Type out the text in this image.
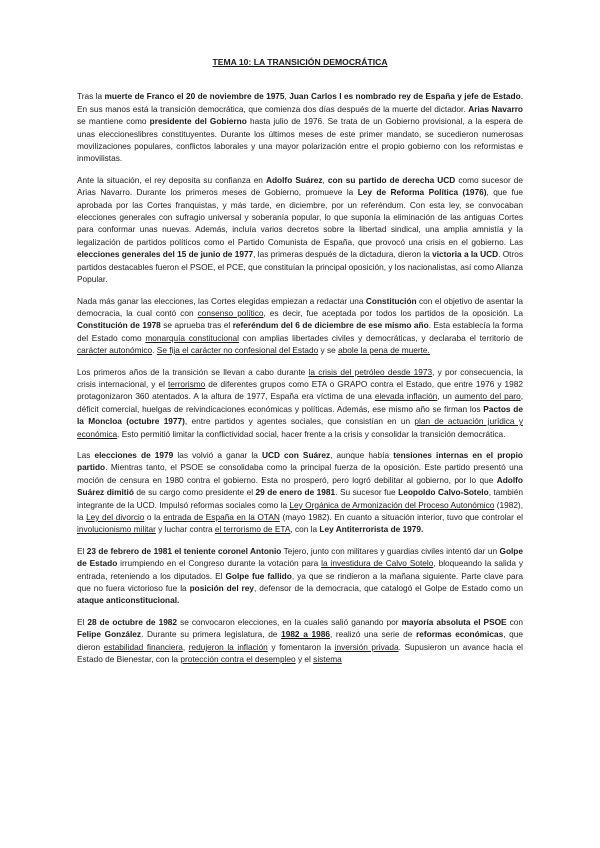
TEMA 10: LA TRANSICIÓN DEMOCRÁTICA

Tras la muerte de Franco el 20 de noviembre de 1975, Juan Carlos I es nombrado rey de España y jefe de Estado. En sus manos está la transición democrática, que comienza dos días después de la muerte del dictador. Arias Navarro se mantiene como presidente del Gobierno hasta julio de 1976. Se trata de un Gobierno provisional, a la espera de unas eleccioneslibres constituyentes. Durante los últimos meses de este primer mandato, se sucedieron numerosas movilizaciones populares, conflictos laborales y una mayor polarización entre el propio gobierno con los reformistas e inmovilistas.

Ante la situación, el rey deposita su confianza en Adolfo Suárez, con su partido de derecha UCD como sucesor de Arias Navarro. Durante los primeros meses de Gobierno, promueve la Ley de Reforma Política (1976), que fue aprobada por las Cortes franquistas, y más tarde, en diciembre, por un referéndum. Con esta ley, se convocaban elecciones generales con sufragio universal y soberanía popular, lo que suponía la eliminación de las antiguas Cortes para conformar unas nuevas. Además, incluía varios decretos sobre la libertad sindical, una amplia amnistía y la legalización de partidos políticos como el Partido Comunista de España, que provocó una crisis en el gobierno. Las elecciones generales del 15 de junio de 1977, las primeras después de la dictadura, dieron la victoria a la UCD. Otros partidos destacables fueron el PSOE, el PCE, que constituían la principal oposición, y los nacionalistas, así como Alianza Popular.

Nada más ganar las elecciones, las Cortes elegidas empiezan a redactar una Constitución con el objetivo de asentar la democracia, la cual contó con consenso político, es decir, fue aceptada por todos los partidos de la oposición. La Constitución de 1978 se aprueba tras el referéndum del 6 de diciembre de ese mismo año. Esta establecía la forma del Estado como monarquía constitucional con amplias libertades civiles y democráticas, y declaraba el territorio de carácter autonómico. Se fija el carácter no confesional del Estado y se abole la pena de muerte.

Los primeros años de la transición se llevan a cabo durante la crisis del petróleo desde 1973, y por consecuencia, la crisis internacional, y el terrorismo de diferentes grupos como ETA o GRAPO contra el Estado, que entre 1976 y 1982 protagonizaron 360 atentados. A la altura de 1977, España era víctima de una elevada inflación, un aumento del paro, déficit comercial, huelgas de reivindicaciones económicas y políticas. Además, ese mismo año se firman los Pactos de la Moncloa (octubre 1977), entre partidos y agentes sociales, que consistían en un plan de actuación jurídica y económica. Esto permitió limitar la conflictividad social, hacer frente a la crisis y consolidar la transición democrática.

Las elecciones de 1979 las volvió a ganar la UCD con Suárez, aunque había tensiones internas en el propio partido. Mientras tanto, el PSOE se consolidaba como la principal fuerza de la oposición. Este partido presentó una moción de censura en 1980 contra el gobierno. Esta no prosperó, pero logró debilitar al gobierno, por lo que Adolfo Suárez dimitió de su cargo como presidente el 29 de enero de 1981. Su sucesor fue Leopoldo Calvo-Sotelo, también integrante de la UCD. Impulsó reformas sociales como la Ley Orgánica de Armonización del Proceso Autonómico (1982), la Ley del divorcio o la entrada de España en la OTAN (mayo 1982). En cuanto a situación interior, tuvo que controlar el involucionismo militar y luchar contra el terrorismo de ETA, con la Ley Antiterrorista de 1979.

El 23 de febrero de 1981 el teniente coronel Antonio Tejero, junto con militares y guardias civiles intentó dar un Golpe de Estado irrumpiendo en el Congreso durante la votación para la investidura de Calvo Sotelo, bloqueando la salida y entrada, reteniendo a los diputados. El Golpe fue fallido, ya que se rindieron a la mañana siguiente. Parte clave para que no fuera victorioso fue la posición del rey, defensor de la democracia, que catalogó el Golpe de Estado como un ataque anticonstitucional.

El 28 de octubre de 1982 se convocaron elecciones, en la cuales salió ganando por mayoría absoluta el PSOE con Felipe González. Durante su primera legislatura, de 1982 a 1986, realizó una serie de reformas económicas, que dieron estabilidad financiera, redujeron la inflación y fomentaron la inversión privada. Supusieron un avance hacia el Estado de Bienestar, con la protección contra el desempleo y el sistema
